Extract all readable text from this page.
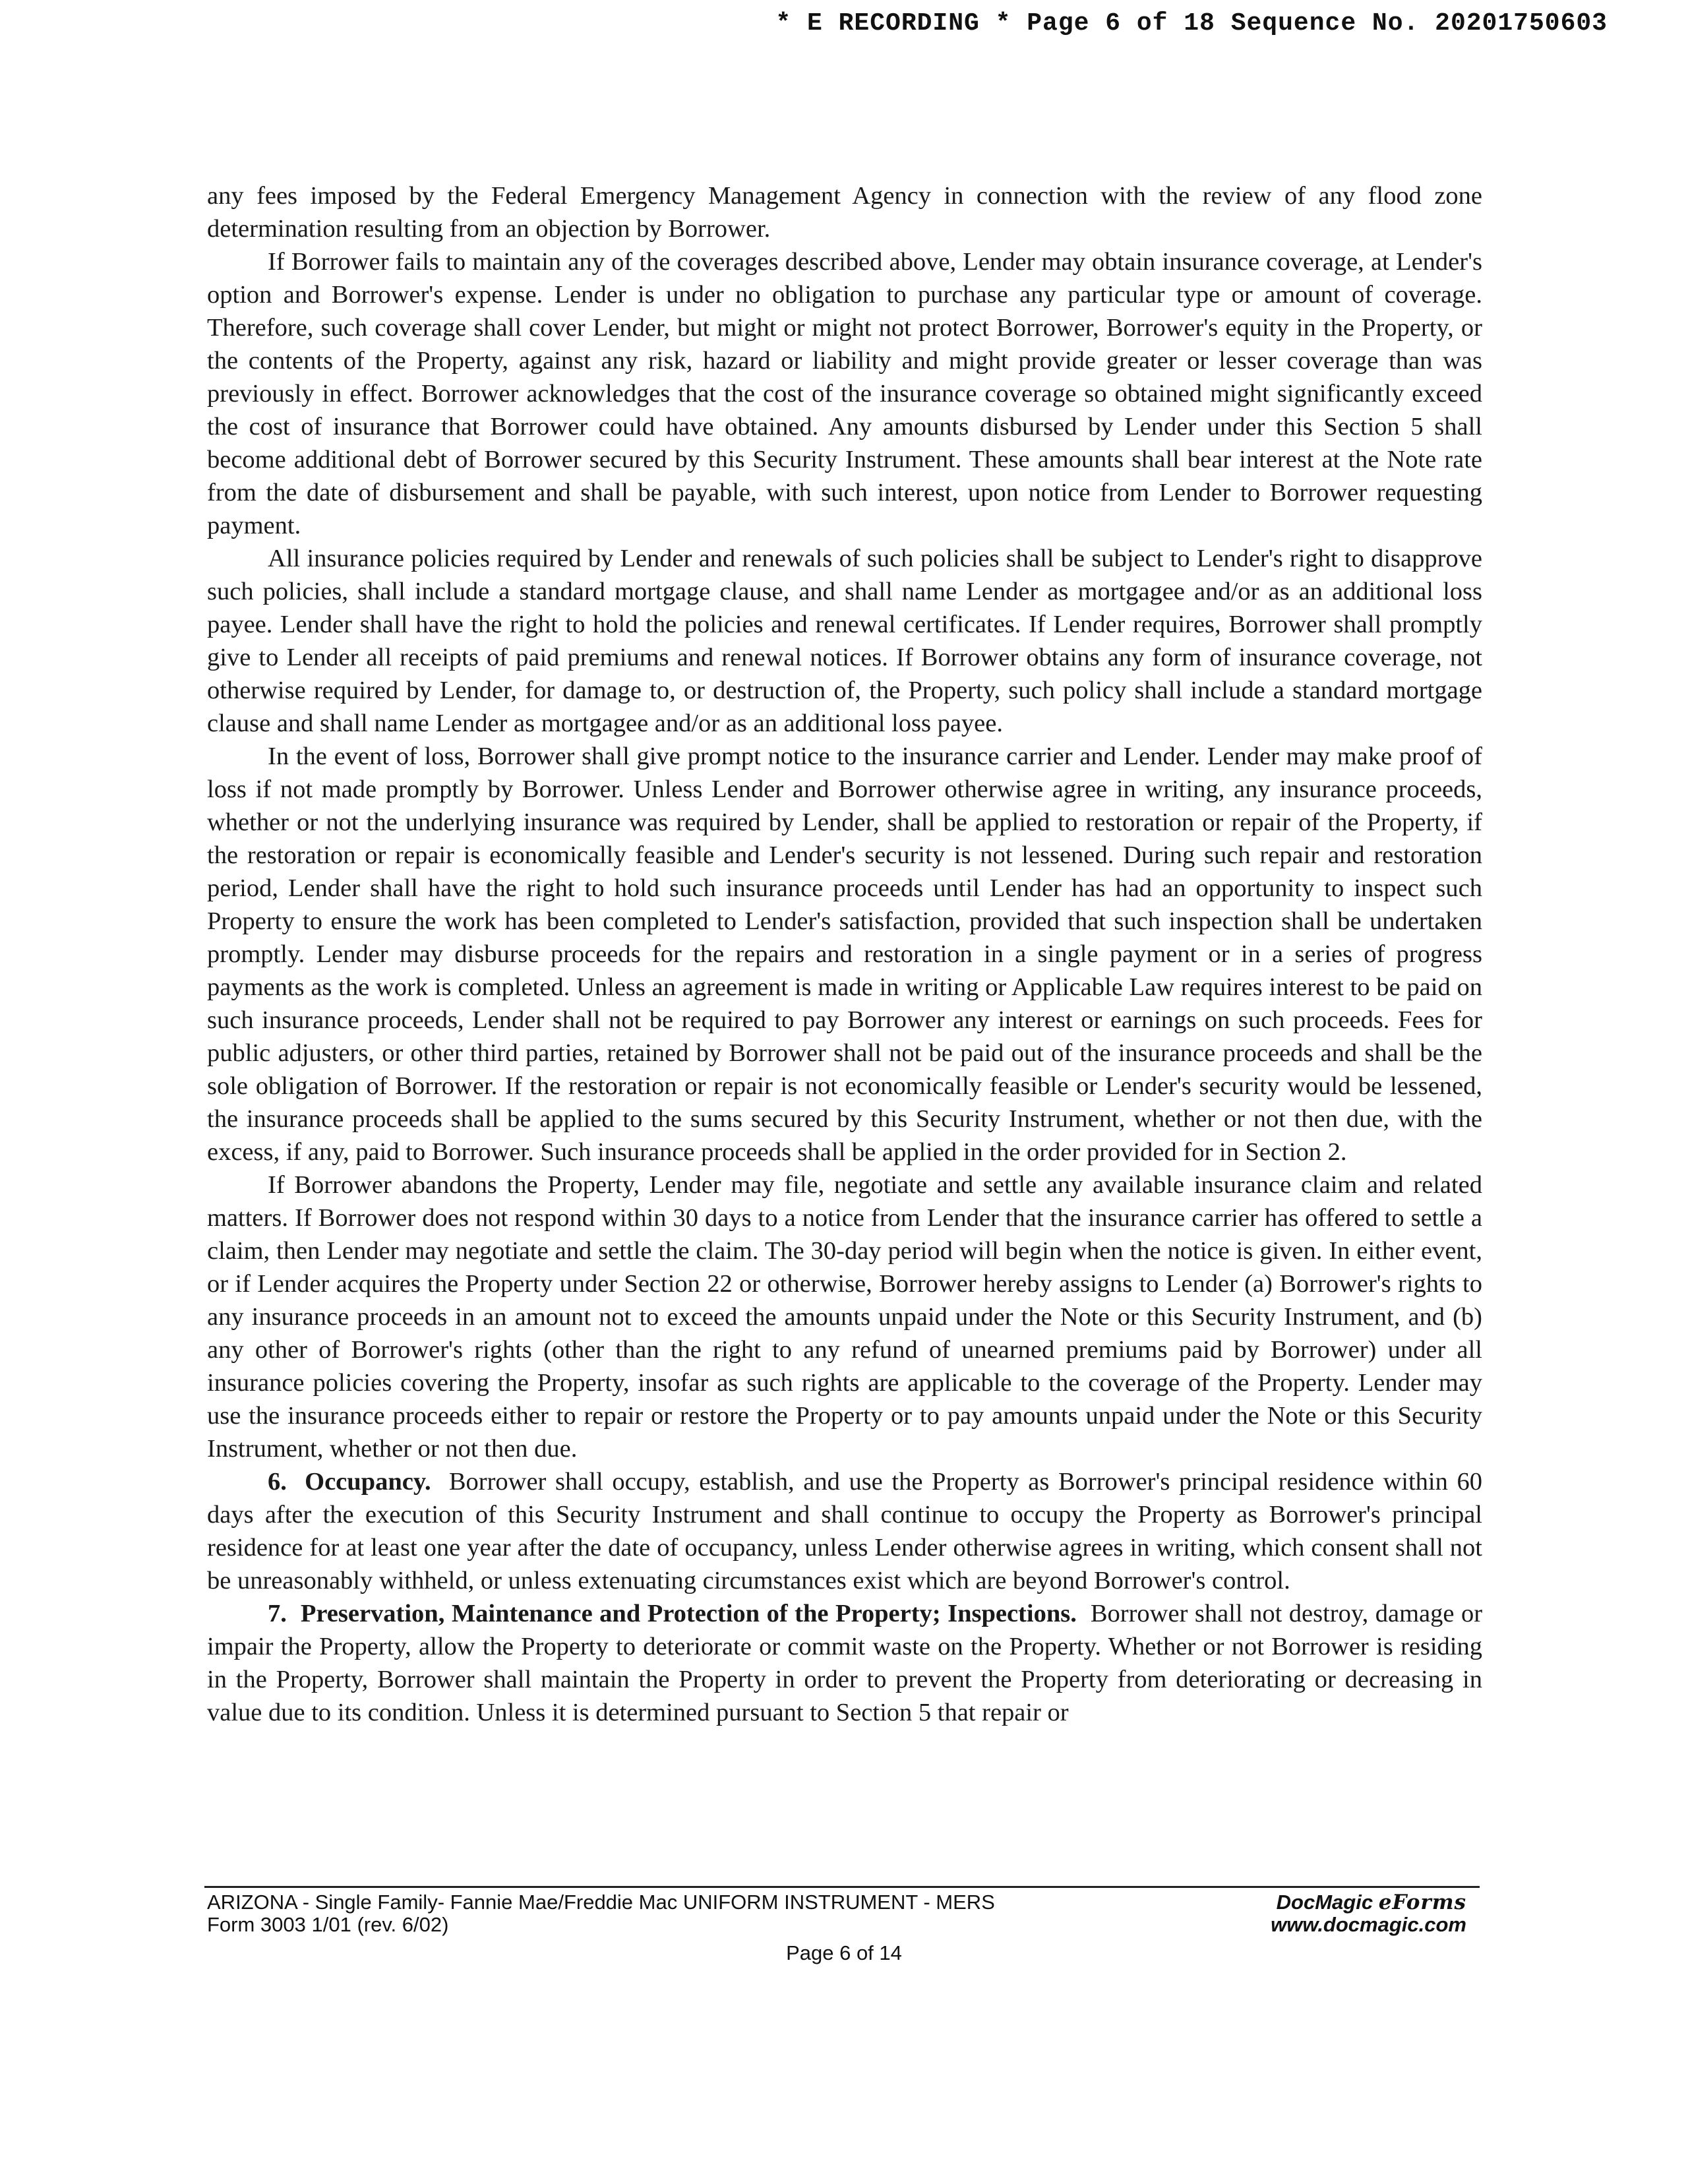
* E RECORDING * Page 6 of 18 Sequence No. 20201750603

any fees imposed by the Federal Emergency Management Agency in connection with the review of any flood zone determination resulting from an objection by Borrower.

If Borrower fails to maintain any of the coverages described above, Lender may obtain insurance coverage, at Lender's option and Borrower's expense. Lender is under no obligation to purchase any particular type or amount of coverage. Therefore, such coverage shall cover Lender, but might or might not protect Borrower, Borrower's equity in the Property, or the contents of the Property, against any risk, hazard or liability and might provide greater or lesser coverage than was previously in effect. Borrower acknowledges that the cost of the insurance coverage so obtained might significantly exceed the cost of insurance that Borrower could have obtained. Any amounts disbursed by Lender under this Section 5 shall become additional debt of Borrower secured by this Security Instrument. These amounts shall bear interest at the Note rate from the date of disbursement and shall be payable, with such interest, upon notice from Lender to Borrower requesting payment.

All insurance policies required by Lender and renewals of such policies shall be subject to Lender's right to disapprove such policies, shall include a standard mortgage clause, and shall name Lender as mortgagee and/or as an additional loss payee. Lender shall have the right to hold the policies and renewal certificates. If Lender requires, Borrower shall promptly give to Lender all receipts of paid premiums and renewal notices. If Borrower obtains any form of insurance coverage, not otherwise required by Lender, for damage to, or destruction of, the Property, such policy shall include a standard mortgage clause and shall name Lender as mortgagee and/or as an additional loss payee.

In the event of loss, Borrower shall give prompt notice to the insurance carrier and Lender. Lender may make proof of loss if not made promptly by Borrower. Unless Lender and Borrower otherwise agree in writing, any insurance proceeds, whether or not the underlying insurance was required by Lender, shall be applied to restoration or repair of the Property, if the restoration or repair is economically feasible and Lender's security is not lessened. During such repair and restoration period, Lender shall have the right to hold such insurance proceeds until Lender has had an opportunity to inspect such Property to ensure the work has been completed to Lender's satisfaction, provided that such inspection shall be undertaken promptly. Lender may disburse proceeds for the repairs and restoration in a single payment or in a series of progress payments as the work is completed. Unless an agreement is made in writing or Applicable Law requires interest to be paid on such insurance proceeds, Lender shall not be required to pay Borrower any interest or earnings on such proceeds. Fees for public adjusters, or other third parties, retained by Borrower shall not be paid out of the insurance proceeds and shall be the sole obligation of Borrower. If the restoration or repair is not economically feasible or Lender's security would be lessened, the insurance proceeds shall be applied to the sums secured by this Security Instrument, whether or not then due, with the excess, if any, paid to Borrower. Such insurance proceeds shall be applied in the order provided for in Section 2.

If Borrower abandons the Property, Lender may file, negotiate and settle any available insurance claim and related matters. If Borrower does not respond within 30 days to a notice from Lender that the insurance carrier has offered to settle a claim, then Lender may negotiate and settle the claim. The 30-day period will begin when the notice is given. In either event, or if Lender acquires the Property under Section 22 or otherwise, Borrower hereby assigns to Lender (a) Borrower's rights to any insurance proceeds in an amount not to exceed the amounts unpaid under the Note or this Security Instrument, and (b) any other of Borrower's rights (other than the right to any refund of unearned premiums paid by Borrower) under all insurance policies covering the Property, insofar as such rights are applicable to the coverage of the Property. Lender may use the insurance proceeds either to repair or restore the Property or to pay amounts unpaid under the Note or this Security Instrument, whether or not then due.

6. Occupancy. Borrower shall occupy, establish, and use the Property as Borrower's principal residence within 60 days after the execution of this Security Instrument and shall continue to occupy the Property as Borrower's principal residence for at least one year after the date of occupancy, unless Lender otherwise agrees in writing, which consent shall not be unreasonably withheld, or unless extenuating circumstances exist which are beyond Borrower's control.

7. Preservation, Maintenance and Protection of the Property; Inspections. Borrower shall not destroy, damage or impair the Property, allow the Property to deteriorate or commit waste on the Property. Whether or not Borrower is residing in the Property, Borrower shall maintain the Property in order to prevent the Property from deteriorating or decreasing in value due to its condition. Unless it is determined pursuant to Section 5 that repair or

ARIZONA - Single Family- Fannie Mae/Freddie Mac UNIFORM INSTRUMENT - MERS
Form 3003 1/01 (rev. 6/02)
DocMagic eForms
www.docmagic.com
Page 6 of 14
